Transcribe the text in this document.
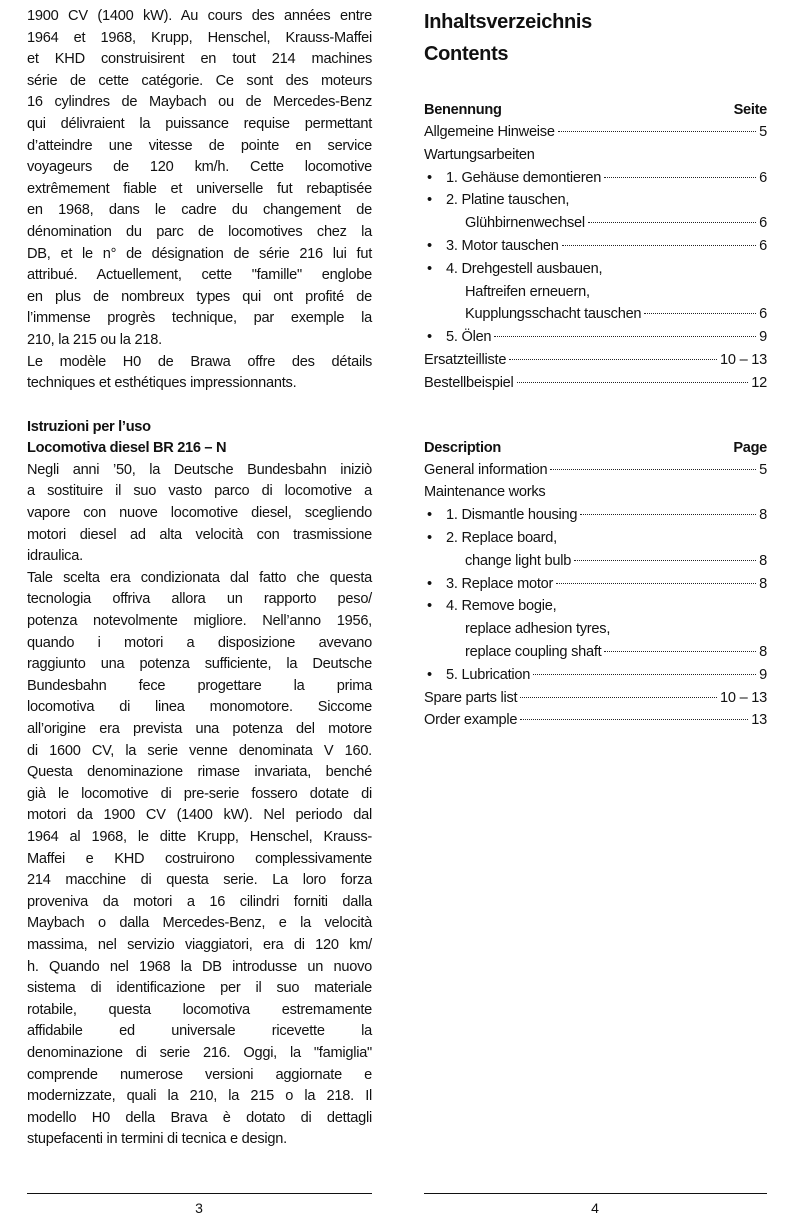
1900 CV (1400 kW). Au cours des années entre
1964 et 1968, Krupp, Henschel, Krauss-Maffei
et KHD construisirent en tout 214 machines
série de cette catégorie. Ce sont des moteurs
16 cylindres de Maybach ou de Mercedes-Benz
qui délivraient la puissance requise permettant
d’atteindre une vitesse de pointe en service
voyageurs de 120 km/h. Cette locomotive
extrêmement fiable et universelle fut rebaptisée
en 1968, dans le cadre du changement de
dénomination du parc de locomotives chez la
DB, et le n° de désignation de série 216 lui fut
attribué. Actuellement, cette "famille" englobe
en plus de nombreux types qui ont profité de
l’immense progrès technique, par exemple la
210, la 215 ou la 218.
Le modèle H0 de Brawa offre des détails
techniques et esthétiques impressionnants.
Istruzioni per l’uso
Locomotiva diesel BR 216 – N
Negli anni ’50, la Deutsche Bundesbahn iniziò
a sostituire il suo vasto parco di locomotive a
vapore con nuove locomotive diesel, scegliendo
motori diesel ad alta velocità con trasmissione
idraulica.
Tale scelta era condizionata dal fatto che questa
tecnologia offriva allora un rapporto peso/
potenza notevolmente migliore. Nell’anno 1956,
quando i motori a disposizione avevano
raggiunto una potenza sufficiente, la Deutsche
Bundesbahn fece progettare la prima
locomotiva di linea monomotore. Siccome
all’origine era prevista una potenza del motore
di 1600 CV, la serie venne denominata V 160.
Questa denominazione rimase invariata, benché
già le locomotive di pre-serie fossero dotate di
motori da 1900 CV (1400 kW). Nel periodo dal
1964 al 1968, le ditte Krupp, Henschel, Krauss-
Maffei e KHD costruirono complessivamente
214 macchine di questa serie. La loro forza
proveniva da motori a 16 cilindri forniti dalla
Maybach o dalla Mercedes-Benz, e la velocità
massima, nel servizio viaggiatori, era di 120 km/
h. Quando nel 1968 la DB introdusse un nuovo
sistema di identificazione per il suo materiale
rotabile, questa locomotiva estremamente
affidabile ed universale ricevette la
denominazione di serie 216. Oggi, la "famiglia"
comprende numerose versioni aggiornate e
modernizzate, quali la 210, la 215 o la 218. Il
modello H0 della Brava è dotato di dettagli
stupefacenti in termini di tecnica e design.
Inhaltsverzeichnis
Contents
Benennung	Seite
Allgemeine Hinweise	5
Wartungsarbeiten
• 1. Gehäuse demontieren	6
• 2. Platine tauschen,
Glühbirnenwechsel	6
• 3. Motor tauschen	6
• 4. Drehgestell ausbauen,
Haftreifen erneuern,
Kupplungsschacht tauschen	6
• 5. Ölen	9
Ersatzteilliste	10 – 13
Bestellbeispiel	12
Description	Page
General information	5
Maintenance works
• 1. Dismantle housing	8
• 2. Replace board,
change light bulb	8
• 3. Replace motor	8
• 4. Remove bogie,
replace adhesion tyres,
replace coupling shaft	8
• 5. Lubrication	9
Spare parts list	10 – 13
Order example	13
3	4
